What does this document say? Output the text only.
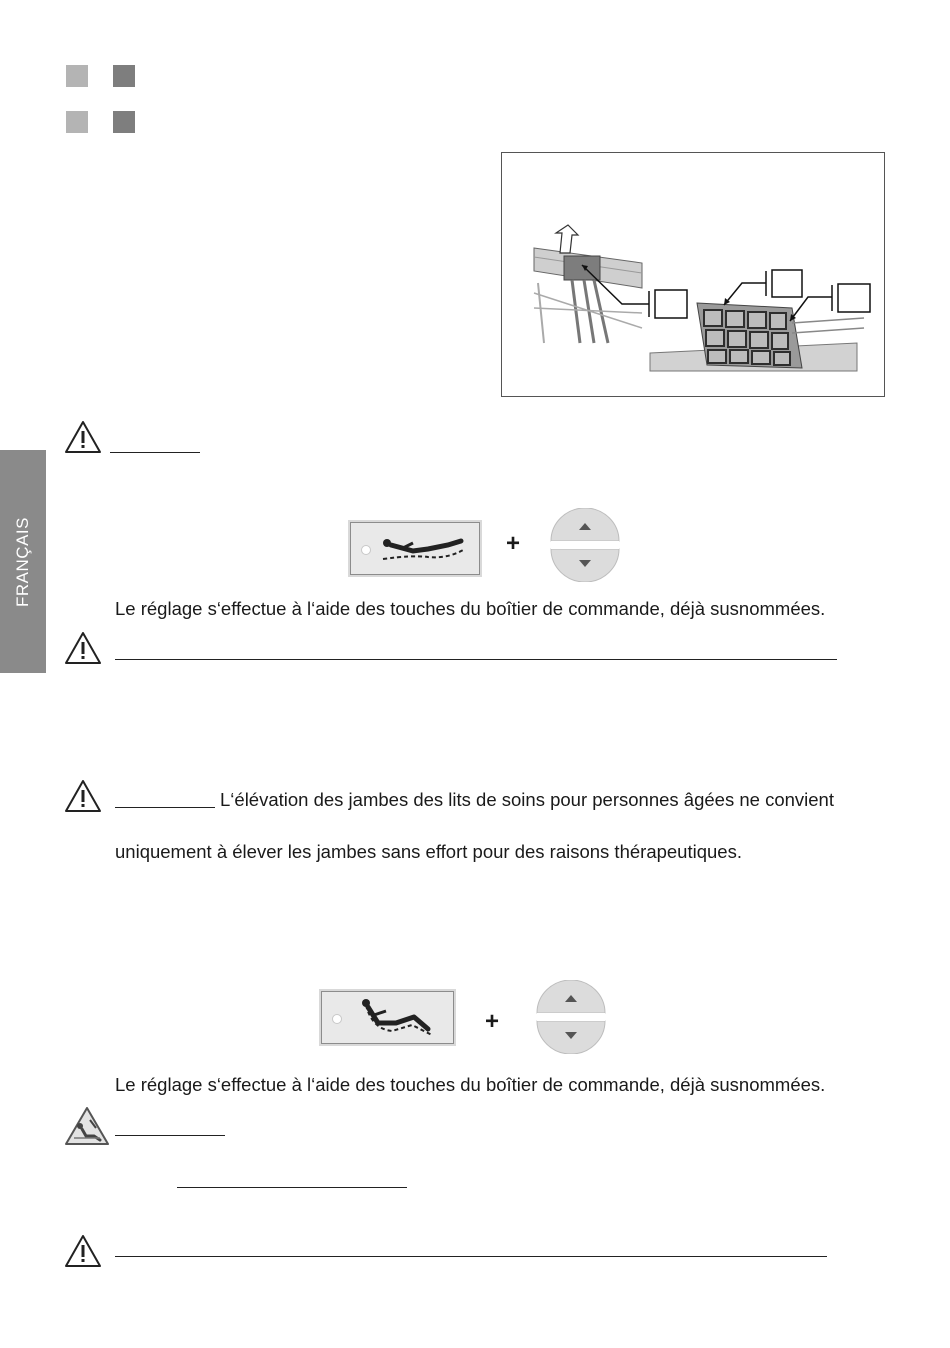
FRANÇAIS	+
Le réglage s‘effectue à l‘aide des touches du boîtier de commande, déjà susnommées.
L‘élévation des jambes des lits de soins pour personnes âgées ne convient
uniquement à élever les jambes sans effort pour des raisons thérapeutiques.
+
Le réglage s‘effectue à l‘aide des touches du boîtier de commande, déjà susnommées.
